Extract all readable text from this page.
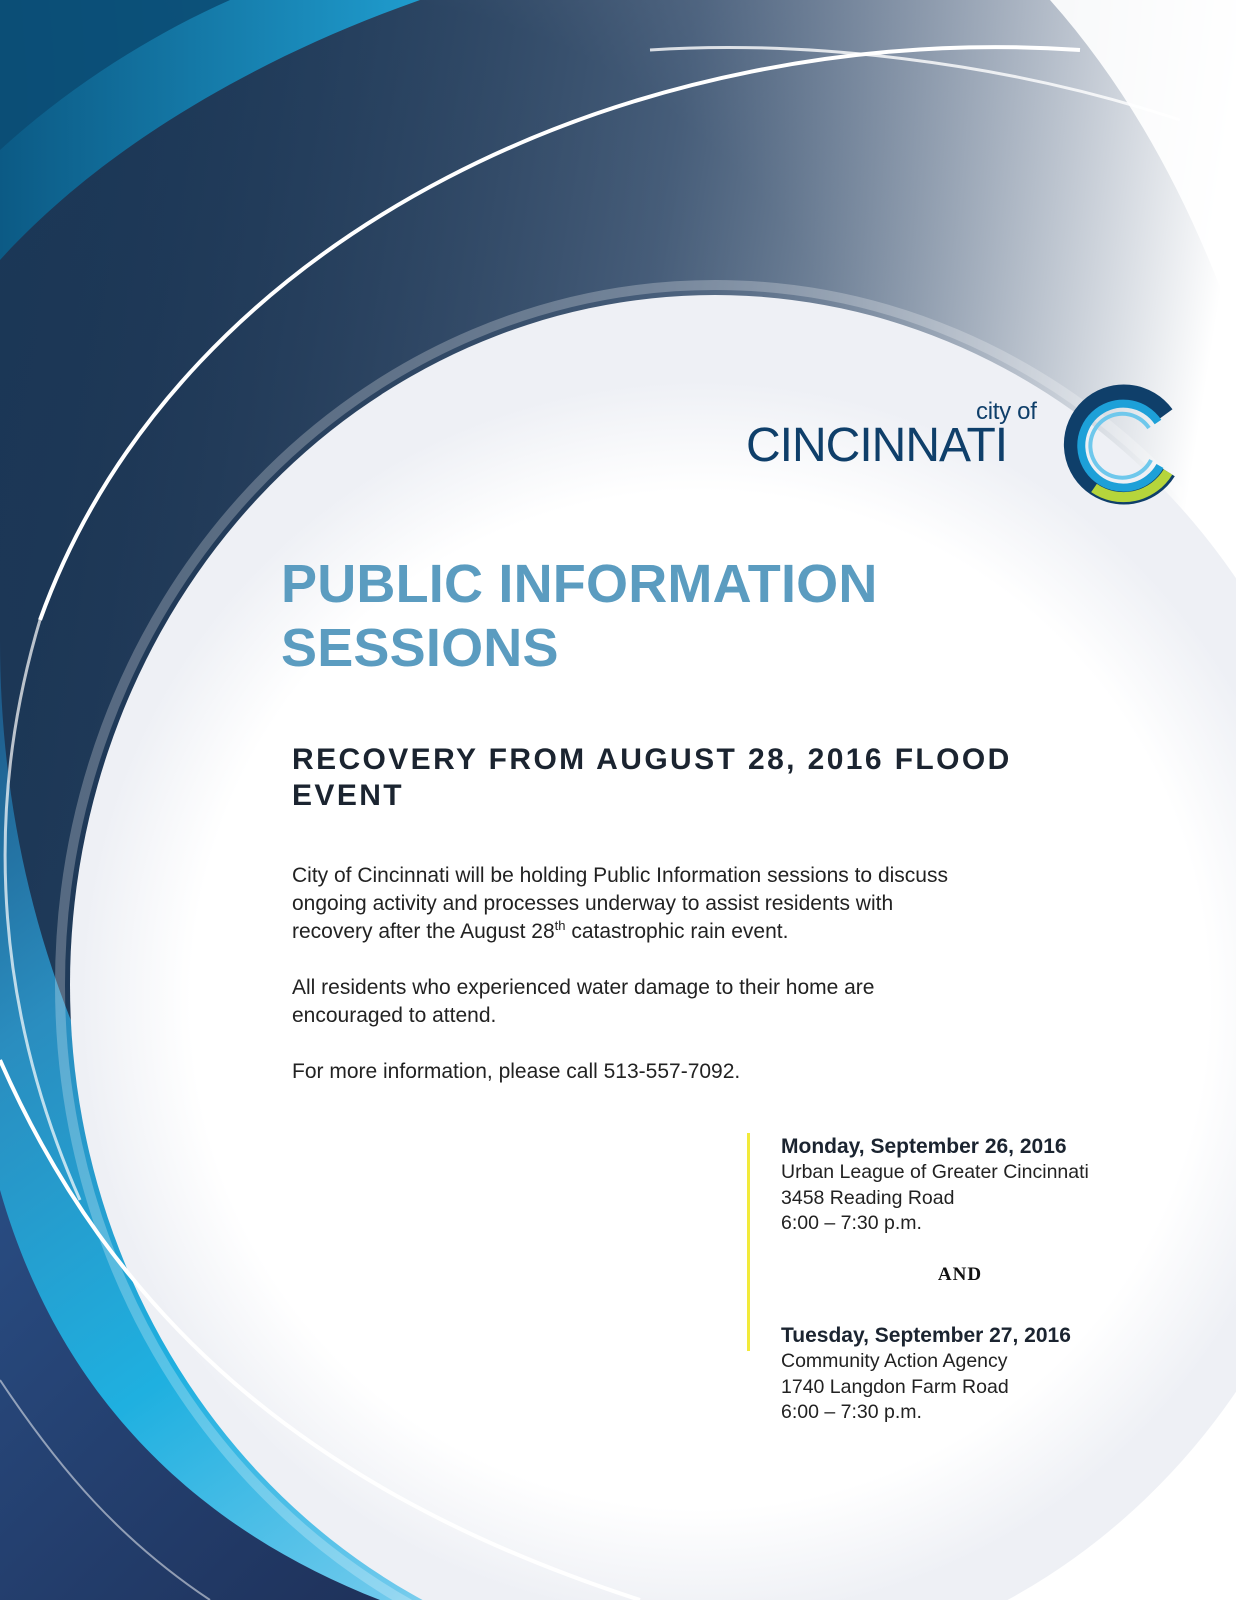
city of
CINCINNATI
PUBLIC INFORMATION
SESSIONS
RECOVERY FROM AUGUST 28, 2016 FLOOD
EVENT

City of Cincinnati will be holding Public Information sessions to discuss
ongoing activity and processes underway to assist residents with
recovery after the August 28th catastrophic rain event.

All residents who experienced water damage to their home are
encouraged to attend.

For more information, please call 513-557-7092.

Monday, September 26, 2016
Urban League of Greater Cincinnati
3458 Reading Road
6:00 – 7:30 p.m.
AND
Tuesday, September 27, 2016
Community Action Agency
1740 Langdon Farm Road
6:00 – 7:30 p.m.
